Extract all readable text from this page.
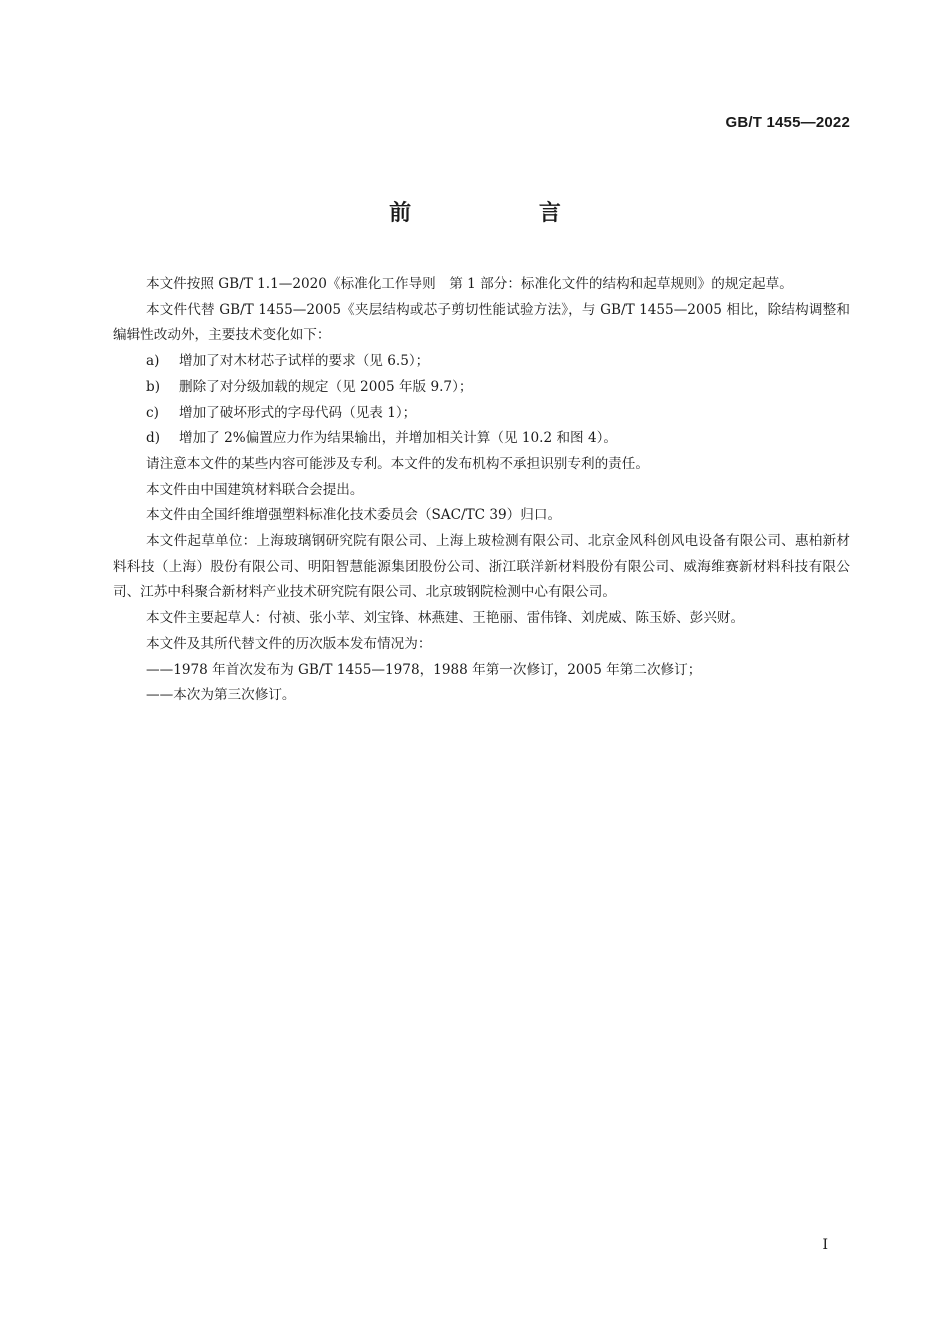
GB/T 1455—2022
前 言

本文件按照 GB/T 1.1—2020《标准化工作导则　第 1 部分：标准化文件的结构和起草规则》的规定起草。

本文件代替 GB/T 1455—2005《夹层结构或芯子剪切性能试验方法》，与 GB/T 1455—2005 相比，除结构调整和编辑性改动外，主要技术变化如下：

a) 增加了对木材芯子试样的要求（见 6.5）；

b) 删除了对分级加载的规定（见 2005 年版 9.7）；

c) 增加了破坏形式的字母代码（见表 1）；

d) 增加了 2%偏置应力作为结果输出，并增加相关计算（见 10.2 和图 4）。

请注意本文件的某些内容可能涉及专利。本文件的发布机构不承担识别专利的责任。

本文件由中国建筑材料联合会提出。

本文件由全国纤维增强塑料标准化技术委员会（SAC/TC 39）归口。

本文件起草单位：上海玻璃钢研究院有限公司、上海上玻检测有限公司、北京金风科创风电设备有限公司、惠柏新材料科技（上海）股份有限公司、明阳智慧能源集团股份公司、浙江联洋新材料股份有限公司、威海维赛新材料科技有限公司、江苏中科聚合新材料产业技术研究院有限公司、北京玻钢院检测中心有限公司。

本文件主要起草人：付祯、张小苹、刘宝锋、林燕建、王艳丽、雷伟锋、刘虎威、陈玉娇、彭兴财。

本文件及其所代替文件的历次版本发布情况为：

——1978 年首次发布为 GB/T 1455—1978，1988 年第一次修订，2005 年第二次修订；

——本次为第三次修订。

I
